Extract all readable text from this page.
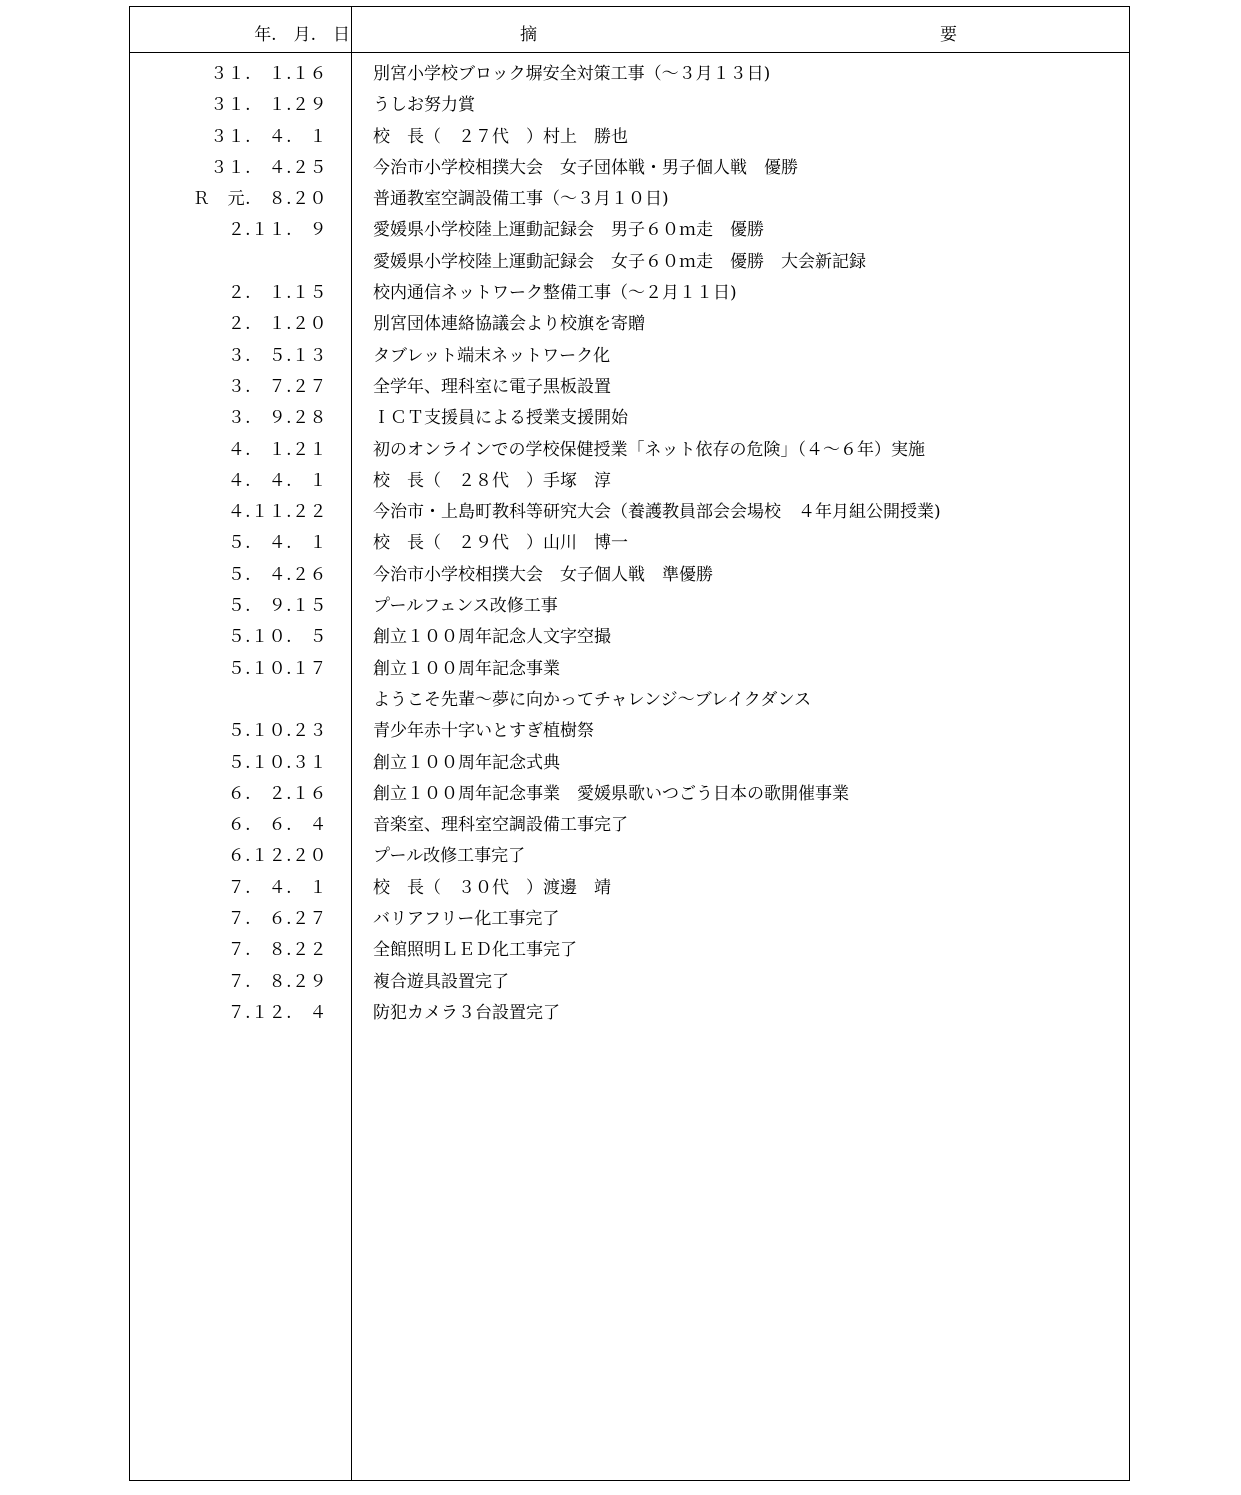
年.　月.　日	摘	要
３１.　１.１６	別宮小学校ブロック塀安全対策工事（～３月１３日)
３１.　１.２９	うしお努力賞
３１.　４.　１	校　長（　２７代　）村上　勝也
３１.　４.２５	今治市小学校相撲大会　女子団体戦・男子個人戦　優勝
Ｒ　元.　８.２０	普通教室空調設備工事（～３月１０日)
２.１１.　９	愛媛県小学校陸上運動記録会　男子６０ｍ走　優勝
愛媛県小学校陸上運動記録会　女子６０ｍ走　優勝　大会新記録
２.　１.１５	校内通信ネットワーク整備工事（～２月１１日)
２.　１.２０	別宮団体連絡協議会より校旗を寄贈
３.　５.１３	タブレット端末ネットワーク化
３.　７.２７	全学年、理科室に電子黒板設置
３.　９.２８	ＩＣＴ支援員による授業支援開始
４.　１.２１	初のオンラインでの学校保健授業「ネット依存の危険」（４～６年）実施
４.　４.　１	校　長（　２８代　）手塚　淳
４.１１.２２	今治市・上島町教科等研究大会（養護教員部会会場校　４年月組公開授業)
５.　４.　１	校　長（　２９代　）山川　博一
５.　４.２６	今治市小学校相撲大会　女子個人戦　準優勝
５.　９.１５	プールフェンス改修工事
５.１０.　５	創立１００周年記念人文字空撮
５.１０.１７	創立１００周年記念事業
ようこそ先輩～夢に向かってチャレンジ～ブレイクダンス
５.１０.２３	青少年赤十字いとすぎ植樹祭
５.１０.３１	創立１００周年記念式典
６.　２.１６	創立１００周年記念事業　愛媛県歌いつごう日本の歌開催事業
６.　６.　４	音楽室、理科室空調設備工事完了
６.１２.２０	プール改修工事完了
７.　４.　１	校　長（　３０代　）渡邊　靖
７.　６.２７	バリアフリー化工事完了
７.　８.２２	全館照明ＬＥＤ化工事完了
７.　８.２９	複合遊具設置完了
７.１２.　４	防犯カメラ３台設置完了
